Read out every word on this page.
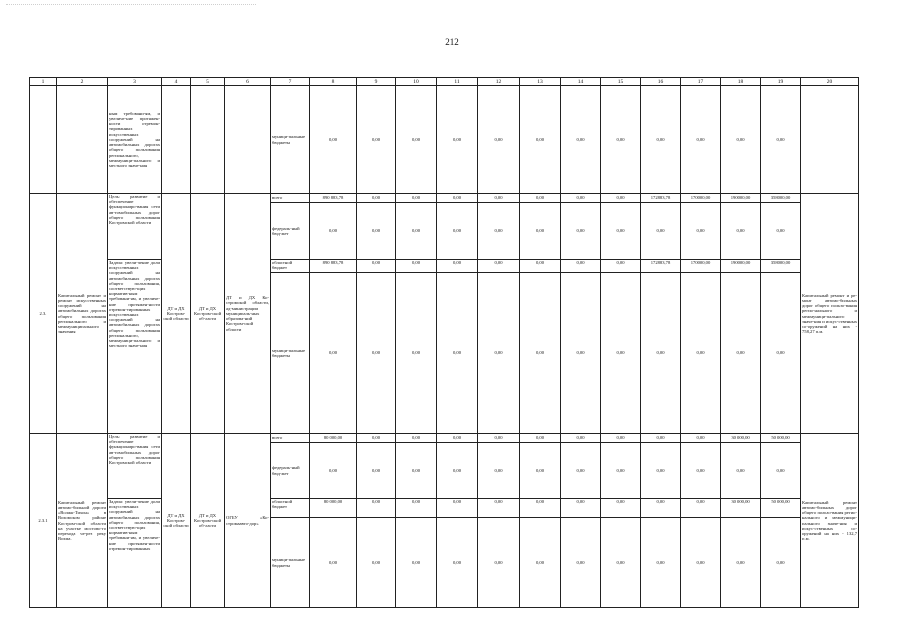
212
1	2	3	4	5	6	7	8	9	10	11	12	13	14	15	16	17	18	19	20
		ным требовани-ям, и увеличе-ние протяжен-ности отремон-тированных искусственных сооружений на автомобильных дорогах общего пользования регионального, межмуници-пального и местного значе-ния				муници-пальные бюджеты	0,00	0,00	0,00	0,00	0,00	0,00	0,00	0,00	0,00	0,00	0,00	0,00	
2.3.	Капитальный ремонт и ремонт искусственных сооружений на автомобильных дорогах общего пользования регионального и межмуниципального значения	Цель: развитие и обеспечение функциониро-вания сети ав-томобильных дорог общего пользования Костромской области	ДТ и ДХ Костром-ской области	ДТ и ДХ Костром-ской об-ласти	ДТ и ДХ Ко-стромской области, ад-министрации муниципаль-ных образова-ний Костром-ской области	всего	890 883,78	0,00	0,00	0,00	0,00	0,00	0,00	0,00	172883,78	170000,00	190000,00	358000,00	Капитальный ремонт и ре-монт автомо-бильных дорог общего пользо-вания регио-нального и межмуници-пального значе-ния и искус-ственных со-оружений на них - 758,27 п.м.
						федераль-ный бюд-жет	0,00	0,00	0,00	0,00	0,00	0,00	0,00	0,00	0,00	0,00	0,00	0,00	
		Задача: увели-чение доли искусственных сооружений на автомобильных дорогах общего пользования, соответствую-щих норматив-ным требовани-ям, и увеличе-ние протяжен-ности отремон-тированных искусственных сооружений на автомобильных дорогах общего пользования регионального, межмуници-пального и местного значе-ния				областной бюджет	890 883,78	0,00	0,00	0,00	0,00	0,00	0,00	0,00	172883,78	170000,00	190000,00	358000,00	
						муници-пальные бюджеты	0,00	0,00	0,00	0,00	0,00	0,00	0,00	0,00	0,00	0,00	0,00	0,00	
2.3.1	Капитальный ремонт автомо-бильной дороги «Волжк-Тихон» в Вохомском районе Костром-ской области на участке мостово-го перехода че-рез реку Вохма.	Цель: развитие и обеспечение функциониро-вания сети ав-томобильных дорог общего пользования Костромской области	ДТ и ДХ Костром-ской области	ДТ и ДХ Костром-ской об-ласти	ОГБУ «Ко-стромаавто-дор»	всего	80 000,00	0,00	0,00	0,00	0,00	0,00	0,00	0,00	0,00	0,00	30 000,00	50 000,00	Капитальный ремонт автомо-бильных дорог общего пользо-вания регио-нального и межмуници-пального значе-ния и искус-ственных со-оружений на них - 132,7 п.м.
						федераль-ный бюд-жет	0,00	0,00	0,00	0,00	0,00	0,00	0,00	0,00	0,00	0,00	0,00	0,00	
		Задача: увели-чение доли искусственных сооружений на автомобильных дорогах общего пользования, соответствую-щих норматив-ным требовани-ям, и увеличе-ние протяжен-ности отремон-тированных				областной бюджет	80 000,00	0,00	0,00	0,00	0,00	0,00	0,00	0,00	0,00	0,00	30 000,00	50 000,00	
						муници-пальные бюджеты	0,00	0,00	0,00	0,00	0,00	0,00	0,00	0,00	0,00	0,00	0,00	0,00	
